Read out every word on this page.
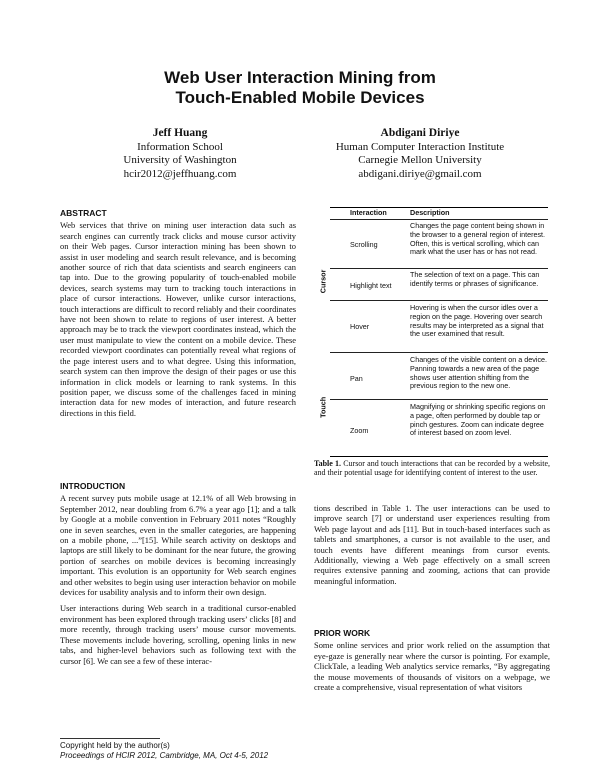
Web User Interaction Mining from
Touch-Enabled Mobile Devices
Jeff Huang
Information School
University of Washington
hcir2012@jeffhuang.com
Abdigani Diriye
Human Computer Interaction Institute
Carnegie Mellon University
abdigani.diriye@gmail.com
ABSTRACT

Web services that thrive on mining user interaction data such as search engines can currently track clicks and mouse cursor activity on their Web pages. Cursor interaction mining has been shown to assist in user modeling and search result relevance, and is becoming another source of rich that data scientists and search engineers can tap into. Due to the growing popularity of touch-enabled mobile devices, search systems may turn to tracking touch interactions in place of cursor interactions. However, unlike cursor interactions, touch interactions are difficult to record reliably and their coordinates have not been shown to relate to regions of user interest. A better approach may be to track the viewport coordinates instead, which the user must manipulate to view the content on a mobile device. These recorded viewport coordinates can potentially reveal what regions of the page interest users and to what degree. Using this information, search system can then improve the design of their pages or use this information in click models or learning to rank systems. In this position paper, we discuss some of the challenges faced in mining interaction data for new modes of interaction, and future research directions in this field.

INTRODUCTION

A recent survey puts mobile usage at 12.1% of all Web browsing in September 2012, near doubling from 6.7% a year ago [1]; and a talk by Google at a mobile convention in February 2011 notes “Roughly one in seven searches, even in the smaller categories, are happening on a mobile phone, ...”[15]. While search activity on desktops and laptops are still likely to be dominant for the near future, the growing portion of searches on mobile devices is becoming increasingly important. This evolution is an opportunity for Web search engines and other websites to begin using user interaction behavior on mobile devices for usability analysis and to inform their own design.

User interactions during Web search in a traditional cursor-enabled environment has been explored through tracking users’ clicks [8] and more recently, through tracking users’ mouse cursor movements. These movements include hovering, scrolling, opening links in new tabs, and higher-level behaviors such as following text with the cursor [6]. We can see a few of these interac-

Interaction	Description
Cursor
Scrolling
Changes the page content being shown in the browser to a general region of interest. Often, this is vertical scrolling, which can mark what the user has or has not read.
Highlight text
The selection of text on a page. This can identify terms or phrases of significance.
Hover
Hovering is when the cursor idles over a region on the page. Hovering over search results may be interpreted as a signal that the user examined that result.
Touch
Pan
Changes of the visible content on a device. Panning towards a new area of the page shows user attention shifting from the previous region to the new one.
Zoom
Magnifying or shrinking specific regions on a page, often performed by double tap or pinch gestures. Zoom can indicate degree of interest based on zoom level.
Table 1. Cursor and touch interactions that can be recorded by a website, and their potential usage for identifying content of interest to the user.

tions described in Table 1. The user interactions can be used to improve search [7] or understand user experiences resulting from Web page layout and ads [11]. But in touch-based interfaces such as tablets and smartphones, a cursor is not available to the user, and touch events have different meanings from cursor events. Additionally, viewing a Web page effectively on a small screen requires extensive panning and zooming, actions that can provide meaningful information.

PRIOR WORK

Some online services and prior work relied on the assumption that eye-gaze is generally near where the cursor is pointing. For example, ClickTale, a leading Web analytics service remarks, “By aggregating the mouse movements of thousands of visitors on a webpage, we create a comprehensive, visual representation of what visitors

Copyright held by the author(s)
Proceedings of HCIR 2012, Cambridge, MA, Oct 4-5, 2012
